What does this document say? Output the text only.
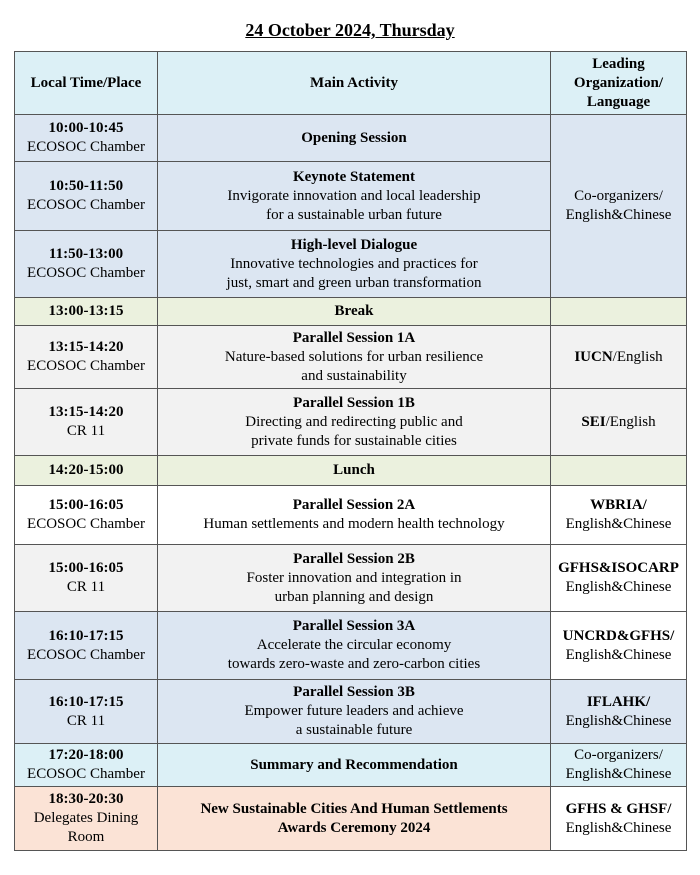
24 October 2024, Thursday
Local Time/Place	Main Activity	Leading
Organization/
Language

10:00-10:45
ECOSOC Chamber	Opening Session	Co-organizers/
English&Chinese

10:50-11:50
ECOSOC Chamber	Keynote Statement
Invigorate innovation and local leadership
for a sustainable urban future	

11:50-13:00
ECOSOC Chamber	High-level Dialogue
Innovative technologies and practices for
just, smart and green urban transformation	

13:00-13:15	Break	

13:15-14:20
ECOSOC Chamber	Parallel Session 1A
Nature-based solutions for urban resilience
and sustainability	IUCN/English

13:15-14:20
CR 11	Parallel Session 1B
Directing and redirecting public and
private funds for sustainable cities	SEI/English

14:20-15:00	Lunch	

15:00-16:05
ECOSOC Chamber	Parallel Session 2A
Human settlements and modern health technology	WBRIA/
English&Chinese

15:00-16:05
CR 11	Parallel Session 2B
Foster innovation and integration in
urban planning and design	GFHS&ISOCARP
English&Chinese

16:10-17:15
ECOSOC Chamber	Parallel Session 3A
Accelerate the circular economy
towards zero-waste and zero-carbon cities	UNCRD&GFHS/
English&Chinese

16:10-17:15
CR 11	Parallel Session 3B
Empower future leaders and achieve
a sustainable future	IFLAHK/
English&Chinese

17:20-18:00
ECOSOC Chamber	Summary and Recommendation	Co-organizers/
English&Chinese

18:30-20:30
Delegates Dining
Room	New Sustainable Cities And Human Settlements
Awards Ceremony 2024	GFHS & GHSF/
English&Chinese
